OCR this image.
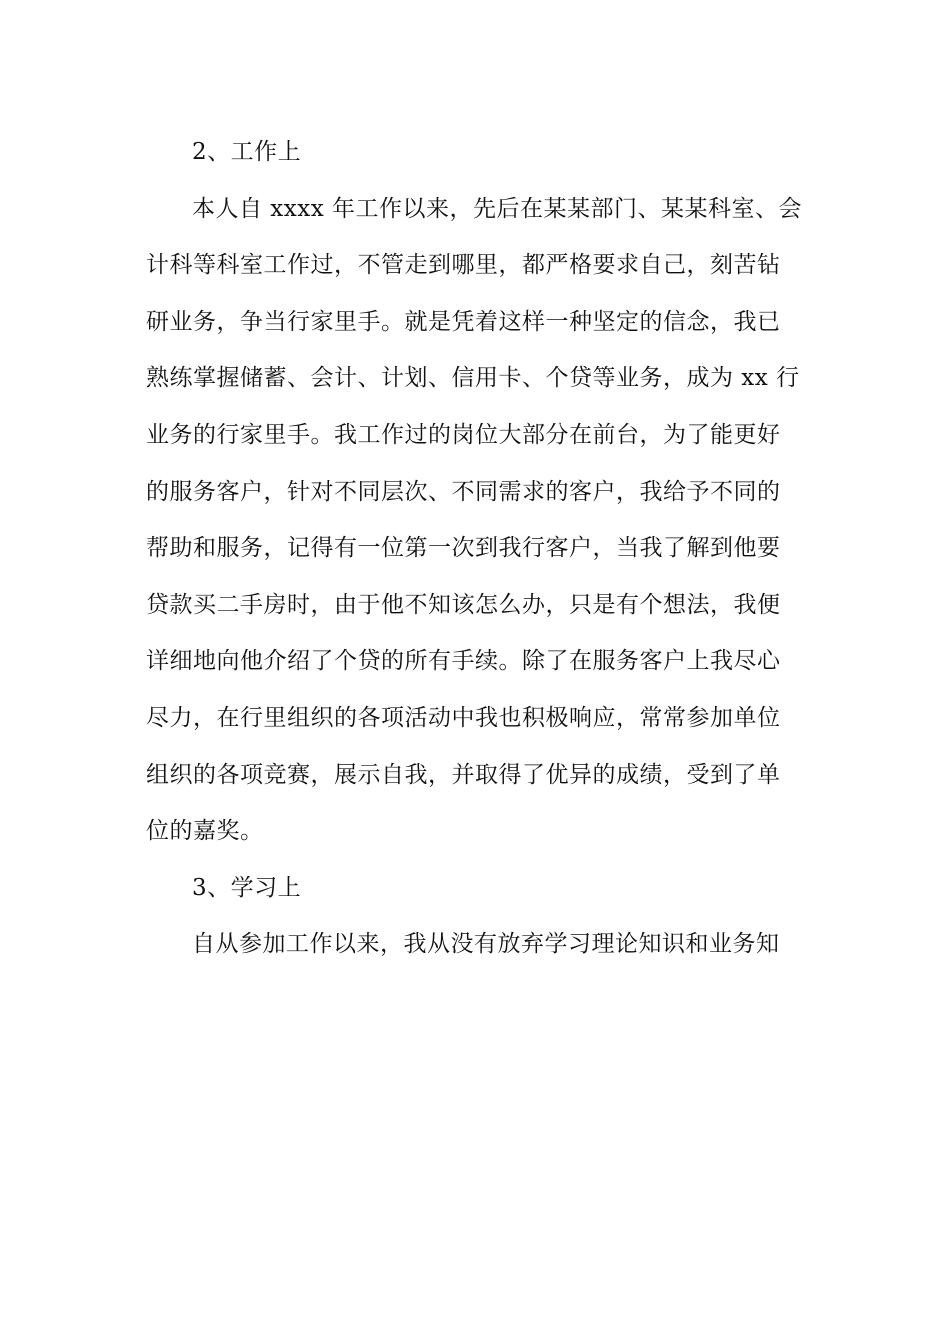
2、工作上
本人自 xxxx 年工作以来，先后在某某部门、某某科室、会
计科等科室工作过，不管走到哪里，都严格要求自己，刻苦钻
研业务，争当行家里手。就是凭着这样一种坚定的信念，我已
熟练掌握储蓄、会计、计划、信用卡、个贷等业务，成为 xx 行
业务的行家里手。我工作过的岗位大部分在前台，为了能更好
的服务客户，针对不同层次、不同需求的客户，我给予不同的
帮助和服务，记得有一位第一次到我行客户，当我了解到他要
贷款买二手房时，由于他不知该怎么办，只是有个想法，我便
详细地向他介绍了个贷的所有手续。除了在服务客户上我尽心
尽力，在行里组织的各项活动中我也积极响应，常常参加单位
组织的各项竞赛，展示自我，并取得了优异的成绩，受到了单
位的嘉奖。
3、学习上
自从参加工作以来，我从没有放弃学习理论知识和业务知
